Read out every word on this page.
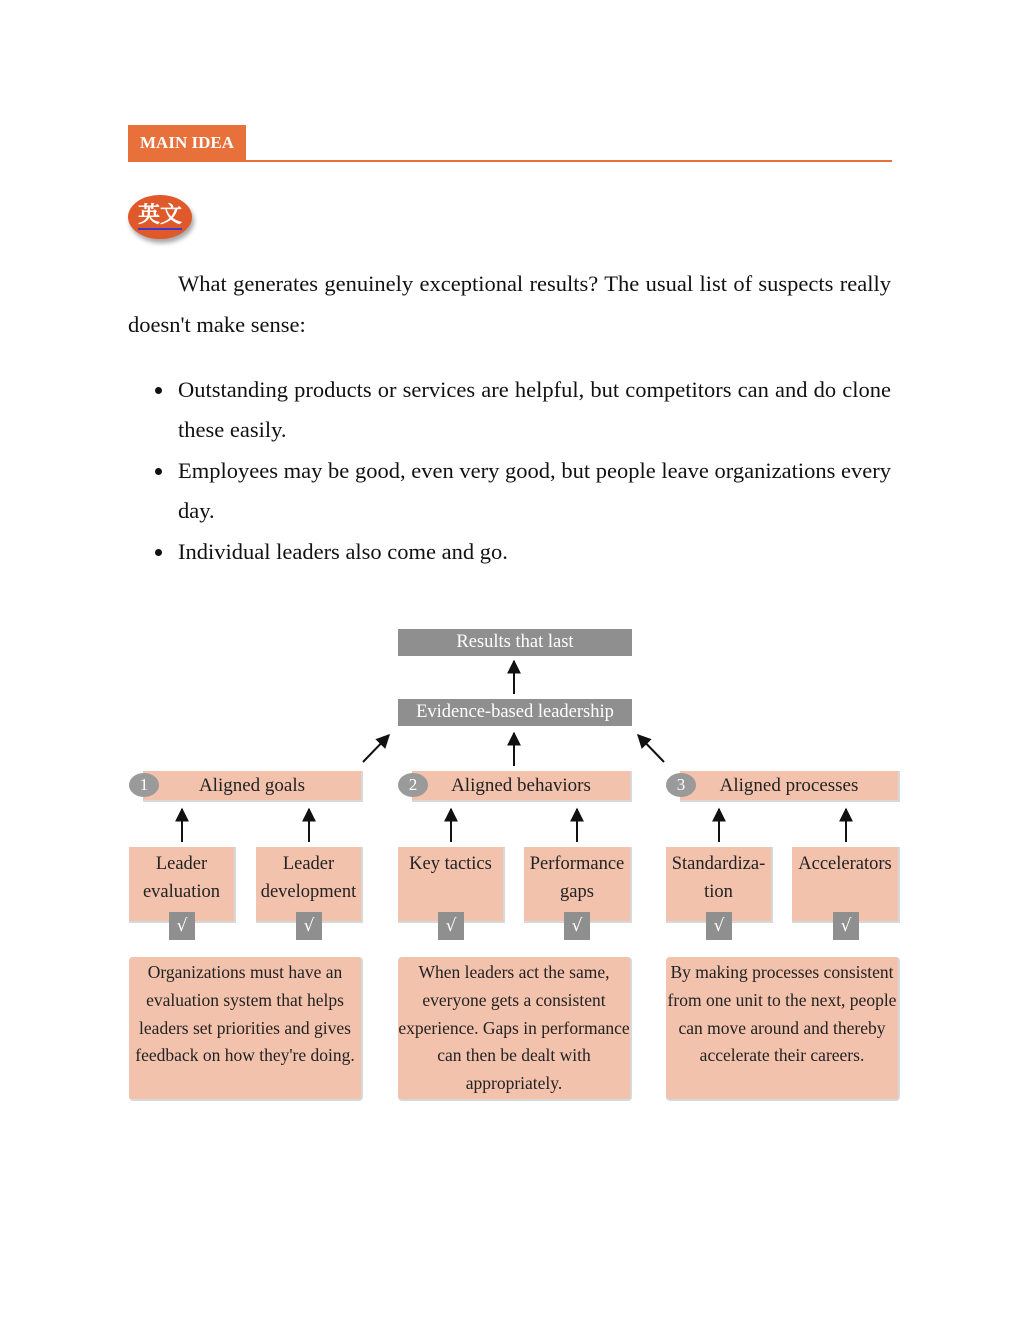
MAIN IDEA
英文

What generates genuinely exceptional results? The usual list of suspects really doesn't make sense:

Outstanding products or services are helpful, but competitors can and do clone these easily.
Employees may be good, even very good, but people leave organizations every day.
Individual leaders also come and go.
Results that last
Evidence-based leadership
Aligned goals
1
Leader evaluation
Leader development
√	√
Organizations must have an evaluation system that helps leaders set priorities and gives feedback on how they're doing.
Aligned behaviors
2
Key tactics	Performance gaps
√	√
When leaders act the same, everyone gets a consistent experience. Gaps in performance can then be dealt with appropriately.
Aligned processes
3
Standardiza-tion
Accelerators
√	√
By making processes consistent from one unit to the next, people can move around and thereby accelerate their careers.
